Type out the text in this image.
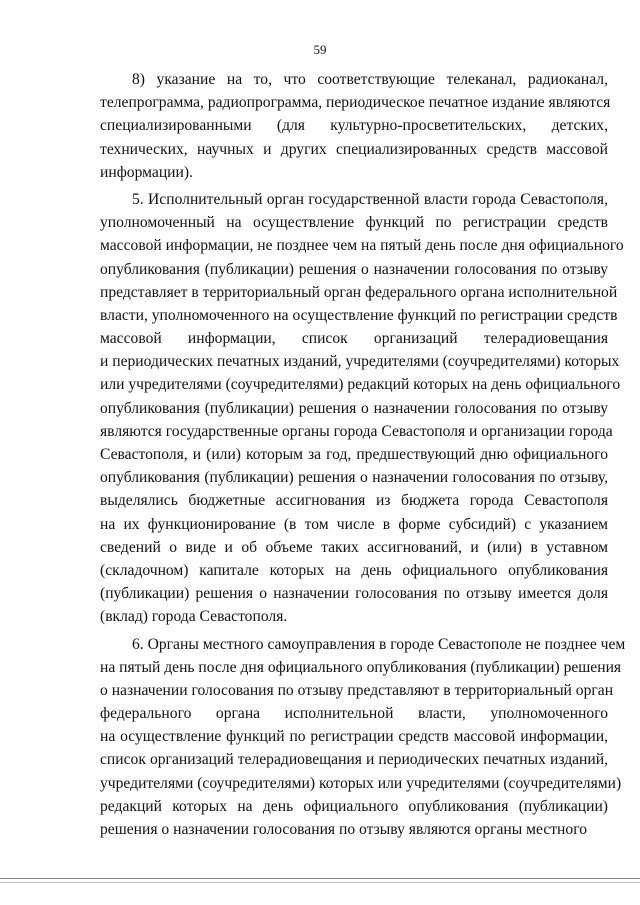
59
8) указание на то, что соответствующие телеканал, радиоканал,
телепрограмма, радиопрограмма, периодическое печатное издание являются
специализированными (для культурно-просветительских, детских,
технических, научных и других специализированных средств массовой
информации).
5. Исполнительный орган государственной власти города Севастополя,
уполномоченный на осуществление функций по регистрации средств
массовой информации, не позднее чем на пятый день после дня официального
опубликования (публикации) решения о назначении голосования по отзыву
представляет в территориальный орган федерального органа исполнительной
власти, уполномоченного на осуществление функций по регистрации средств
массовой информации, список организаций телерадиовещания
и периодических печатных изданий, учредителями (соучредителями) которых
или учредителями (соучредителями) редакций которых на день официального
опубликования (публикации) решения о назначении голосования по отзыву
являются государственные органы города Севастополя и организации города
Севастополя, и (или) которым за год, предшествующий дню официального
опубликования (публикации) решения о назначении голосования по отзыву,
выделялись бюджетные ассигнования из бюджета города Севастополя
на их функционирование (в том числе в форме субсидий) с указанием
сведений о виде и об объеме таких ассигнований, и (или) в уставном
(складочном) капитале которых на день официального опубликования
(публикации) решения о назначении голосования по отзыву имеется доля
(вклад) города Севастополя.
6. Органы местного самоуправления в городе Севастополе не позднее чем
на пятый день после дня официального опубликования (публикации) решения
о назначении голосования по отзыву представляют в территориальный орган
федерального органа исполнительной власти, уполномоченного
на осуществление функций по регистрации средств массовой информации,
список организаций телерадиовещания и периодических печатных изданий,
учредителями (соучредителями) которых или учредителями (соучредителями)
редакций которых на день официального опубликования (публикации)
решения о назначении голосования по отзыву являются органы местного
